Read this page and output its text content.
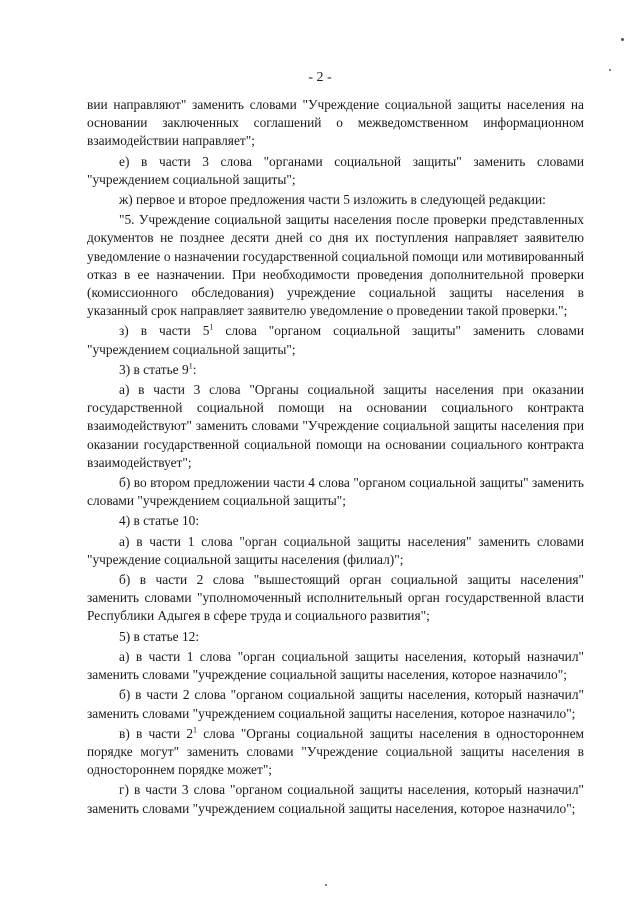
- 2 -

вии направляют" заменить словами "Учреждение социальной защиты населения на основании заключенных соглашений о межведомственном информационном взаимодействии направляет";

е) в части 3 слова "органами социальной защиты" заменить словами "учреждением социальной защиты";

ж) первое и второе предложения части 5 изложить в следующей редакции:

"5. Учреждение социальной защиты населения после проверки представленных документов не позднее десяти дней со дня их поступления направляет заявителю уведомление о назначении государственной социальной помощи или мотивированный отказ в ее назначении. При необходимости проведения дополнительной проверки (комиссионного обследования) учреждение социальной защиты населения в указанный срок направляет заявителю уведомление о проведении такой проверки.";

з) в части $5^1$ слова "органом социальной защиты" заменить словами "учреждением социальной защиты";

3) в статье $9^1$:

а) в части 3 слова "Органы социальной защиты населения при оказании государственной социальной помощи на основании социального контракта взаимодействуют" заменить словами "Учреждение социальной защиты населения при оказании государственной социальной помощи на основании социального контракта взаимодействует";

б) во втором предложении части 4 слова "органом социальной защиты" заменить словами "учреждением социальной защиты";

4) в статье 10:

а) в части 1 слова "орган социальной защиты населения" заменить словами "учреждение социальной защиты населения (филиал)";

б) в части 2 слова "вышестоящий орган социальной защиты населения" заменить словами "уполномоченный исполнительный орган государственной власти Республики Адыгея в сфере труда и социального развития";

5) в статье 12:

а) в части 1 слова "орган социальной защиты населения, который назначил" заменить словами "учреждение социальной защиты населения, которое назначило";

б) в части 2 слова "органом социальной защиты населения, который назначил" заменить словами "учреждением социальной защиты населения, которое назначило";

в) в части $2^1$ слова "Органы социальной защиты населения в одностороннем порядке могут" заменить словами "Учреждение социальной защиты населения в одностороннем порядке может";

г) в части 3 слова "органом социальной защиты населения, который назначил" заменить словами "учреждением социальной защиты населения, которое назначило";
